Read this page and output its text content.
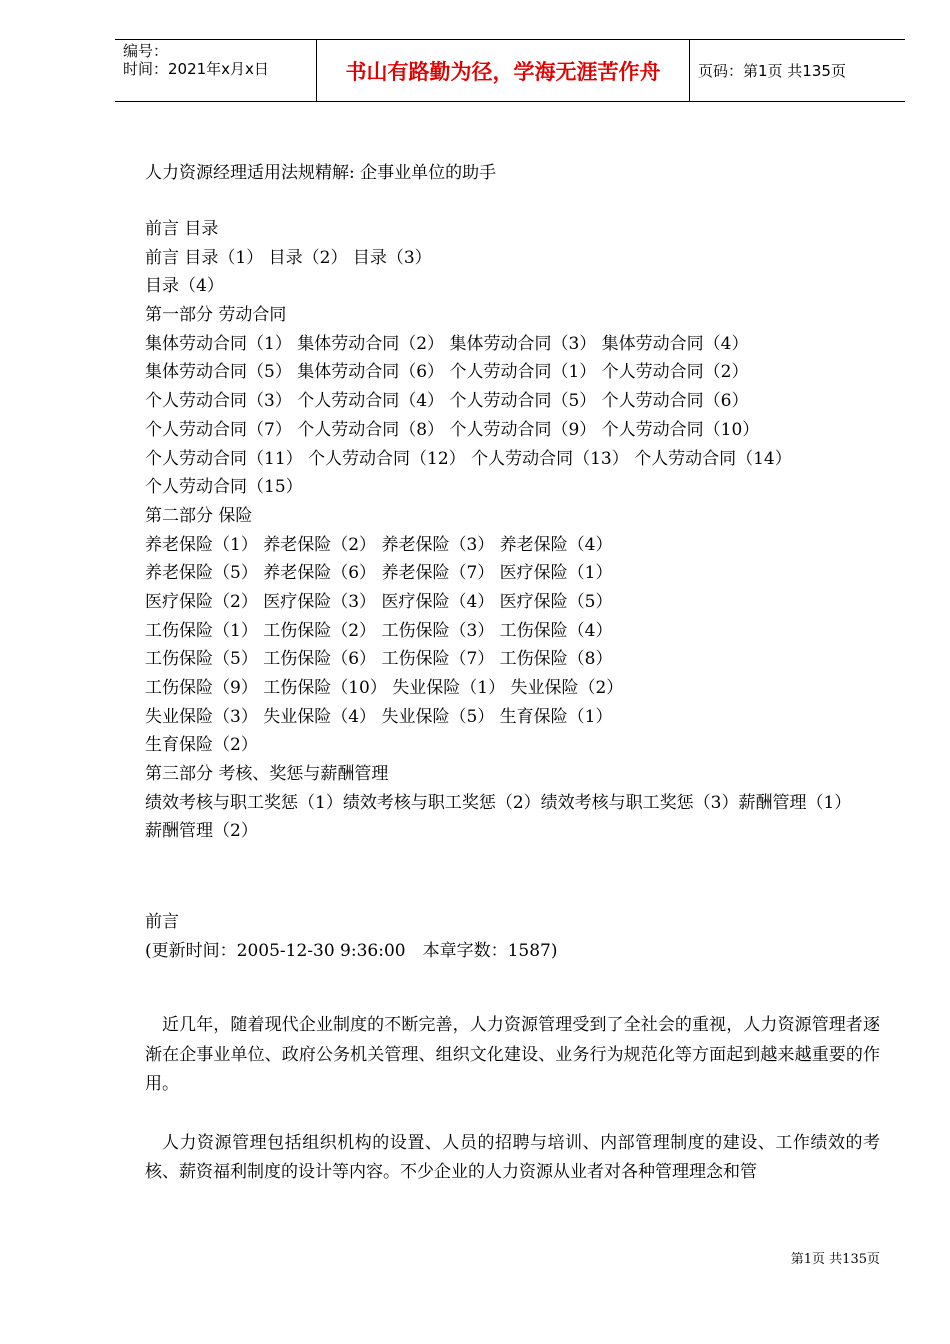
编号：
时间：2021年x月x日	书山有路勤为径，学海无涯苦作舟	页码：第1页 共135页
人力资源经理适用法规精解: 企事业单位的助手
前言 目录
前言 目录（1） 目录（2） 目录（3）
目录（4）
第一部分 劳动合同
集体劳动合同（1） 集体劳动合同（2） 集体劳动合同（3） 集体劳动合同（4）
集体劳动合同（5） 集体劳动合同（6） 个人劳动合同（1） 个人劳动合同（2）
个人劳动合同（3） 个人劳动合同（4） 个人劳动合同（5） 个人劳动合同（6）
个人劳动合同（7） 个人劳动合同（8） 个人劳动合同（9） 个人劳动合同（10）
个人劳动合同（11） 个人劳动合同（12） 个人劳动合同（13） 个人劳动合同（14）
个人劳动合同（15）
第二部分 保险
养老保险（1） 养老保险（2） 养老保险（3） 养老保险（4）
养老保险（5） 养老保险（6） 养老保险（7） 医疗保险（1）
医疗保险（2） 医疗保险（3） 医疗保险（4） 医疗保险（5）
工伤保险（1） 工伤保险（2） 工伤保险（3） 工伤保险（4）
工伤保险（5） 工伤保险（6） 工伤保险（7） 工伤保险（8）
工伤保险（9） 工伤保险（10） 失业保险（1） 失业保险（2）
失业保险（3） 失业保险（4） 失业保险（5） 生育保险（1）
生育保险（2）
第三部分 考核、奖惩与薪酬管理
绩效考核与职工奖惩（1）绩效考核与职工奖惩（2）绩效考核与职工奖惩（3）薪酬管理（1）
薪酬管理（2）
前言
(更新时间：2005-12-30 9:36:00　本章字数：1587)

近几年，随着现代企业制度的不断完善，人力资源管理受到了全社会的重视，人力资源管理者逐渐在企事业单位、政府公务机关管理、组织文化建设、业务行为规范化等方面起到越来越重要的作用。

人力资源管理包括组织机构的设置、人员的招聘与培训、内部管理制度的建设、工作绩效的考核、薪资福利制度的设计等内容。不少企业的人力资源从业者对各种管理理念和管

第1页 共135页
